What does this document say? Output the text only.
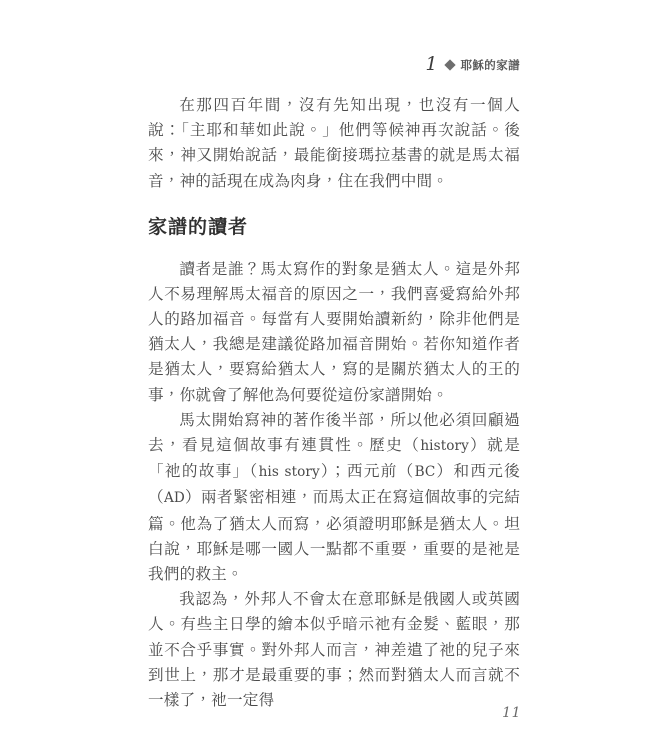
1 耶穌的家譜

在那四百年間，沒有先知出現，也沒有一個人說：「主耶和華如此說。」他們等候神再次說話。後來，神又開始說話，最能銜接瑪拉基書的就是馬太福音，神的話現在成為肉身，住在我們中間。

家譜的讀者

讀者是誰？馬太寫作的對象是猶太人。這是外邦人不易理解馬太福音的原因之一，我們喜愛寫給外邦人的路加福音。每當有人要開始讀新約，除非他們是猶太人，我總是建議從路加福音開始。若你知道作者是猶太人，要寫給猶太人，寫的是關於猶太人的王的事，你就會了解他為何要從這份家譜開始。

馬太開始寫神的著作後半部，所以他必須回顧過去，看見這個故事有連貫性。歷史（history）就是「祂的故事」（his story）；西元前（BC）和西元後（AD）兩者緊密相連，而馬太正在寫這個故事的完結篇。他為了猶太人而寫，必須證明耶穌是猶太人。坦白說，耶穌是哪一國人一點都不重要，重要的是祂是我們的救主。

我認為，外邦人不會太在意耶穌是俄國人或英國人。有些主日學的繪本似乎暗示祂有金髮、藍眼，那並不合乎事實。對外邦人而言，神差遣了祂的兒子來到世上，那才是最重要的事；然而對猶太人而言就不一樣了，祂一定得

11
